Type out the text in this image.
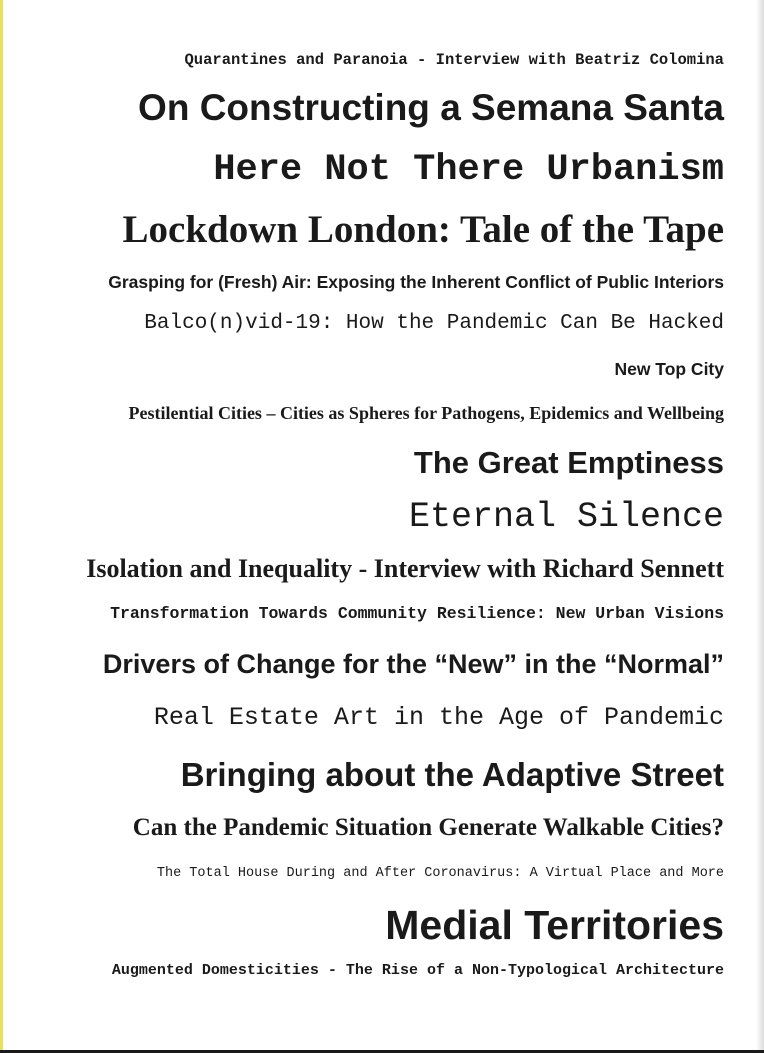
Quarantines and Paranoia - Interview with Beatriz Colomina

On Constructing a Semana Santa

Here Not There Urbanism

Lockdown London: Tale of the Tape

Grasping for (Fresh) Air: Exposing the Inherent Conflict of Public Interiors

Balco(n)vid-19: How the Pandemic Can Be Hacked

New Top City

Pestilential Cities – Cities as Spheres for Pathogens, Epidemics and Wellbeing

The Great Emptiness

Eternal Silence

Isolation and Inequality - Interview with Richard Sennett

Transformation Towards Community Resilience: New Urban Visions

Drivers of Change for the “New” in the “Normal”

Real Estate Art in the Age of Pandemic

Bringing about the Adaptive Street

Can the Pandemic Situation Generate Walkable Cities?

The Total House During and After Coronavirus: A Virtual Place and More

Medial Territories

Augmented Domesticities - The Rise of a Non-Typological Architecture
